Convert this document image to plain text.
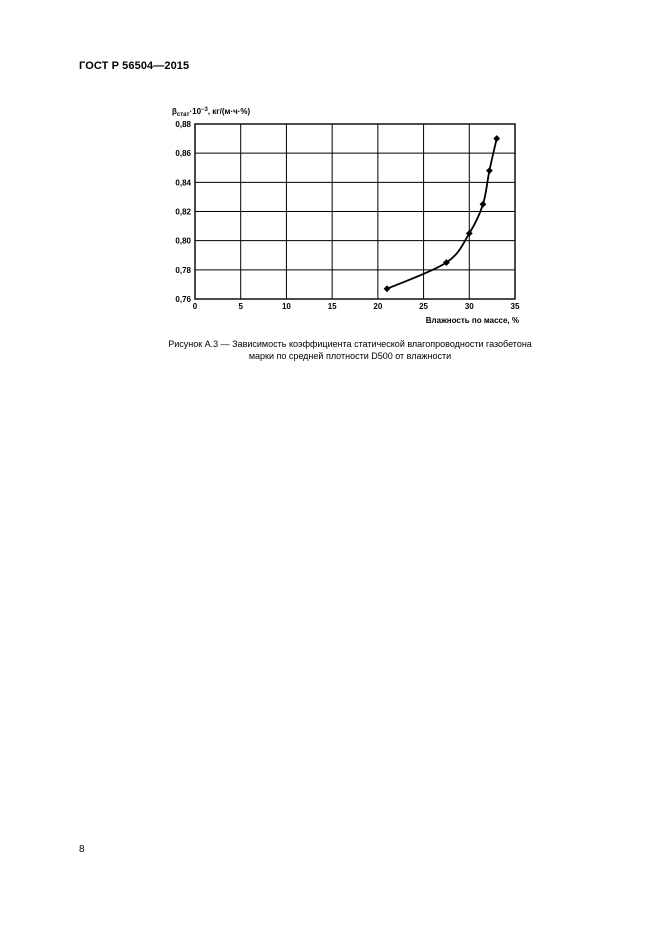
ГОСТ Р 56504—2015
0,76
0,78
0,80
0,82
0,84
0,86
0,88
0	5	10	15	20	25	30	35
$\beta_{стат}\cdot 10^{-3}$, кг/(м·ч·%)
Влажность по массе, %
Рисунок А.3 — Зависимость коэффициента статической влагопроводности газобетона
марки по средней плотности D500 от влажности
8
